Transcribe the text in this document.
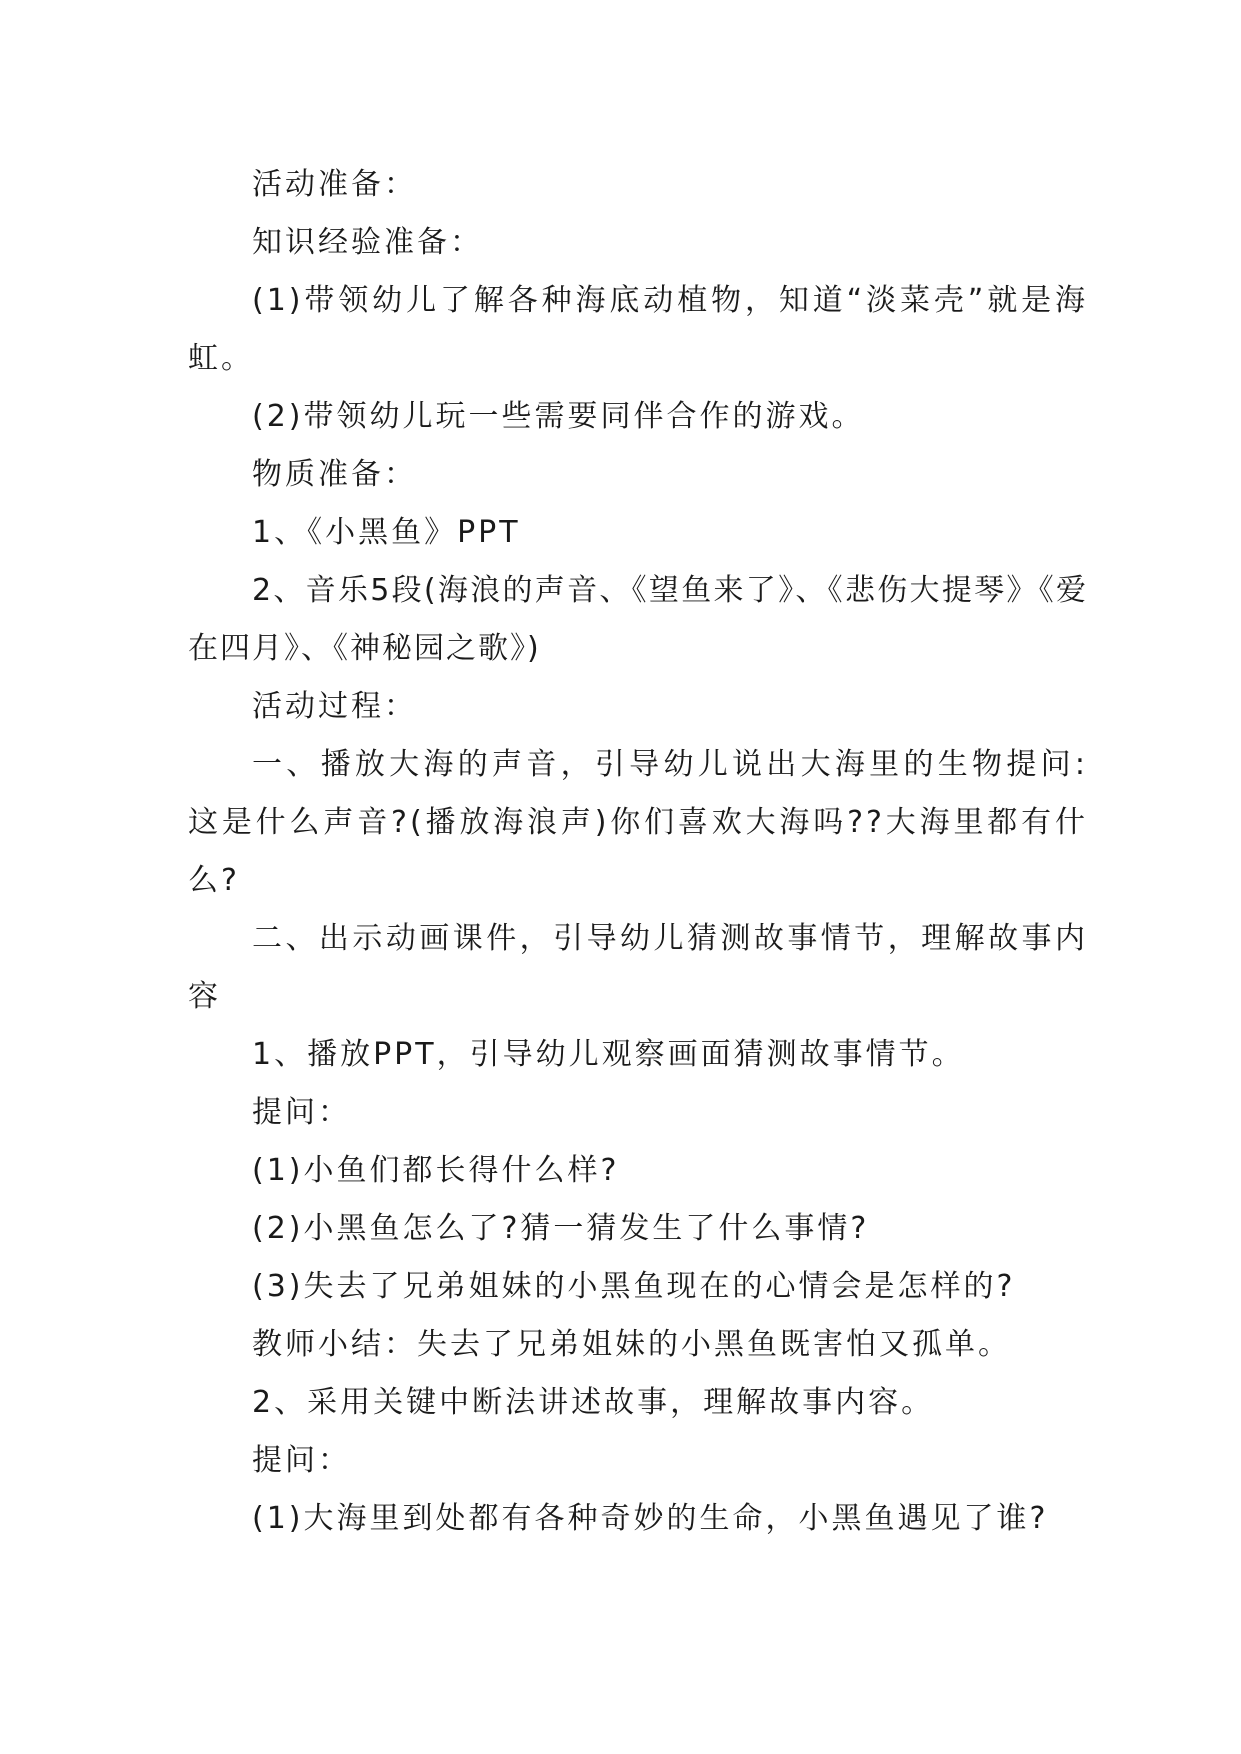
活动准备：

知识经验准备：

(1)带领幼儿了解各种海底动植物，知道“淡菜壳”就是海虹。

(2)带领幼儿玩一些需要同伴合作的游戏。

物质准备：

1、《小黑鱼》PPT

2、音乐5段(海浪的声音、《望鱼来了》、《悲伤大提琴》《爱在四月》、《神秘园之歌》)

活动过程：

一、播放大海的声音，引导幼儿说出大海里的生物提问:这是什么声音?(播放海浪声)你们喜欢大海吗??大海里都有什么?

二、出示动画课件，引导幼儿猜测故事情节，理解故事内容

1、播放PPT，引导幼儿观察画面猜测故事情节。

提问：

(1)小鱼们都长得什么样?

(2)小黑鱼怎么了?猜一猜发生了什么事情?

(3)失去了兄弟姐妹的小黑鱼现在的心情会是怎样的?

教师小结：失去了兄弟姐妹的小黑鱼既害怕又孤单。

2、采用关键中断法讲述故事，理解故事内容。

提问：

(1)大海里到处都有各种奇妙的生命，小黑鱼遇见了谁?
